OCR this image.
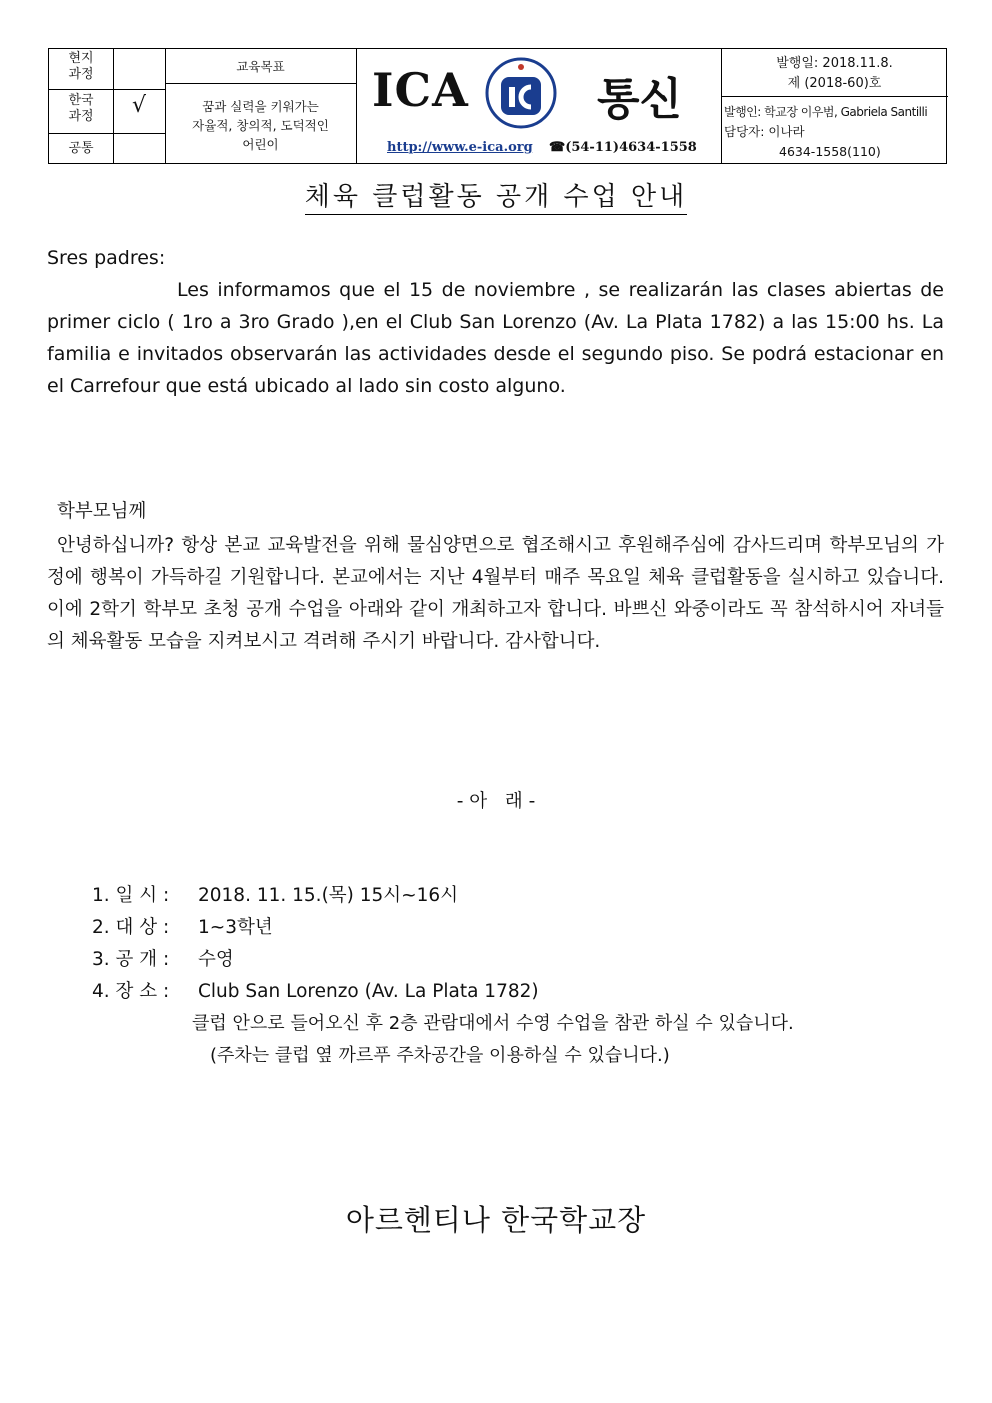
현지
과정
한국
과정	√
공통
교육목표
꿈과 실력을 키워가는
자율적, 창의적, 도덕적인
어린이
ICA	통신
http://www.e-ica.org ☎(54-11)4634-1558
발행일: 2018.11.8.
제 (2018-60)호
발행인: 학교장 이우범, Gabriela Santilli
담당자: 이나라
4634-1558(110)
체육 클럽활동 공개 수업 안내
Sres padres:
Les informamos que el 15 de noviembre , se realizarán las clases abiertas de primer ciclo ( 1ro a 3ro Grado ),en el Club San Lorenzo (Av. La Plata 1782) a las 15:00 hs. La familia e invitados observarán las actividades desde el segundo piso. Se podrá estacionar en el Carrefour que está ubicado al lado sin costo alguno.
학부모님께
안녕하십니까? 항상 본교 교육발전을 위해 물심양면으로 협조해시고 후원해주심에 감사드리며 학부모님의 가정에 행복이 가득하길 기원합니다. 본교에서는 지난 4월부터 매주 목요일 체육 클럽활동을 실시하고 있습니다. 이에 2학기 학부모 초청 공개 수업을 아래와 같이 개최하고자 합니다. 바쁘신 와중이라도 꼭 참석하시어 자녀들의 체육활동 모습을 지켜보시고 격려해 주시기 바랍니다. 감사합니다.
- 아   래 -
1. 일 시 : 2018. 11. 15.(목) 15시~16시
2. 대 상 : 1~3학년
3. 공 개 : 수영
4. 장 소 : Club San Lorenzo (Av. La Plata 1782)
클럽 안으로 들어오신 후 2층 관람대에서 수영 수업을 참관 하실 수 있습니다.
(주차는 클럽 옆 까르푸 주차공간을 이용하실 수 있습니다.)
아르헨티나 한국학교장
